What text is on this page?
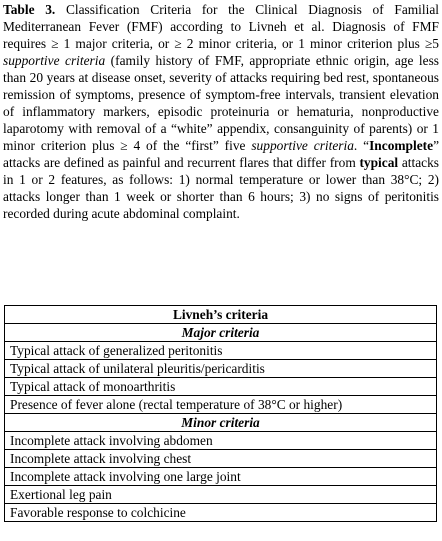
Table 3. Classification Criteria for the Clinical Diagnosis of Familial Mediterranean Fever (FMF) according to Livneh et al. Diagnosis of FMF requires ≥ 1 major criteria, or ≥ 2 minor criteria, or 1 minor criterion plus ≥5 supportive criteria (family history of FMF, appropriate ethnic origin, age less than 20 years at disease onset, severity of attacks requiring bed rest, spontaneous remission of symptoms, presence of symptom-free intervals, transient elevation of inflammatory markers, episodic proteinuria or hematuria, nonproductive laparotomy with removal of a “white” appendix, consanguinity of parents) or 1 minor criterion plus ≥ 4 of the “first” five supportive criteria. “Incomplete” attacks are defined as painful and recurrent flares that differ from typical attacks in 1 or 2 features, as follows: 1) normal temperature or lower than 38°C; 2) attacks longer than 1 week or shorter than 6 hours; 3) no signs of peritonitis recorded during acute abdominal complaint.
Livneh’s criteria
Major criteria
Typical attack of generalized peritonitis
Typical attack of unilateral pleuritis/pericarditis
Typical attack of monoarthritis
Presence of fever alone (rectal temperature of 38°C or higher)
Minor criteria
Incomplete attack involving abdomen
Incomplete attack involving chest
Incomplete attack involving one large joint
Exertional leg pain
Favorable response to colchicine
